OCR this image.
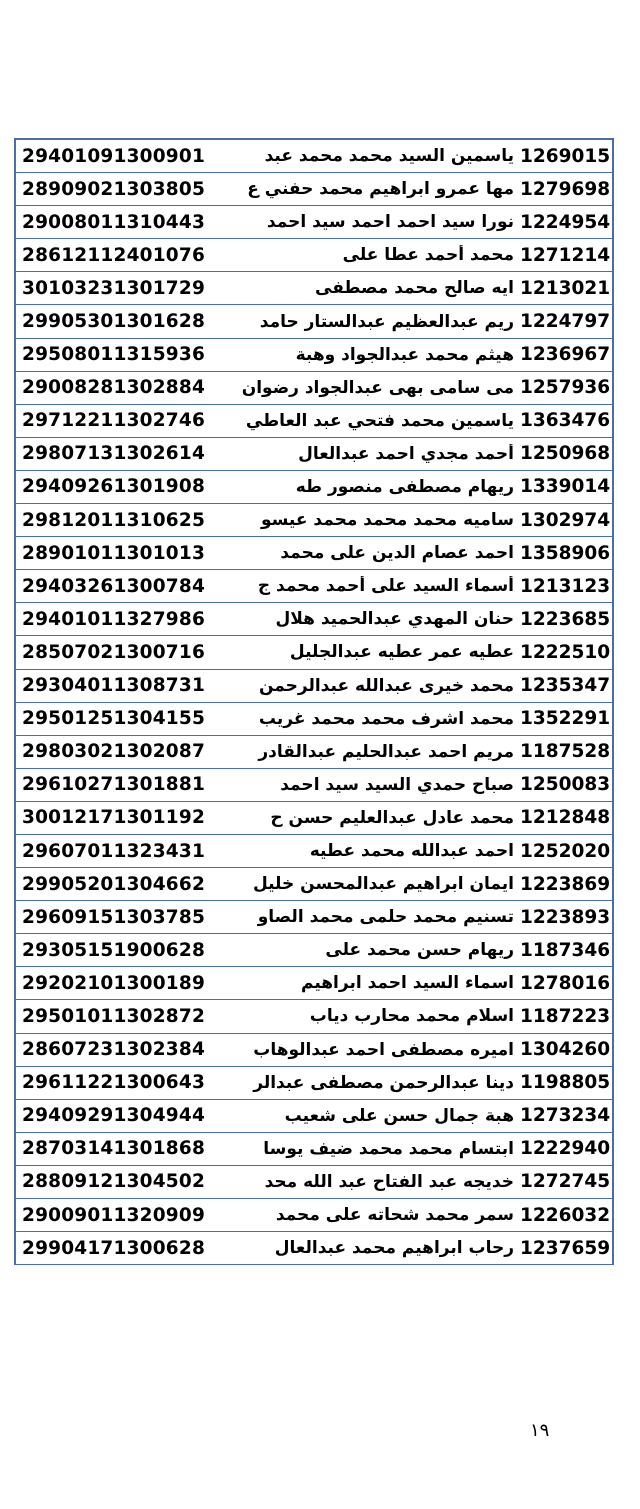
29401091300901	ياسمين السيد محمد محمد عبد 1269015
28909021303805	مها عمرو ابراهيم محمد حفني ع 1279698
29008011310443	نورا سيد احمد احمد سيد احمد 1224954
28612112401076	محمد أحمد عطا على 1271214
30103231301729	ايه صالح محمد مصطفى 1213021
29905301301628	ريم عبدالعظيم عبدالستار حامد 1224797
29508011315936	هيثم محمد عبدالجواد وهبة 1236967
29008281302884	مى سامى بهى عبدالجواد رضوان 1257936
29712211302746	ياسمين محمد فتحي عبد العاطي 1363476
29807131302614	أحمد مجدي احمد عبدالعال 1250968
29409261301908	ريهام مصطفى منصور طه 1339014
29812011310625	ساميه محمد محمد محمد عيسو 1302974
28901011301013	احمد عصام الدين على محمد 1358906
29403261300784	أسماء السيد على أحمد محمد ج 1213123
29401011327986	حنان المهدي عبدالحميد هلال 1223685
28507021300716	عطيه عمر عطيه عبدالجليل 1222510
29304011308731	محمد خيرى عبدالله عبدالرحمن 1235347
29501251304155	محمد اشرف محمد محمد غريب 1352291
29803021302087	مريم احمد عبدالحليم عبدالقادر 1187528
29610271301881	صباح حمدي السيد سيد احمد 1250083
30012171301192	محمد عادل عبدالعليم حسن ح 1212848
29607011323431	احمد عبدالله محمد عطيه 1252020
29905201304662	ايمان ابراهيم عبدالمحسن خليل 1223869
29609151303785	تسنيم محمد حلمى محمد الصاو 1223893
29305151900628	ريهام حسن محمد على 1187346
29202101300189	اسماء السيد احمد ابراهيم 1278016
29501011302872	اسلام محمد محارب دياب 1187223
28607231302384	اميره مصطفى احمد عبدالوهاب 1304260
29611221300643	دينا عبدالرحمن مصطفى عبدالر 1198805
29409291304944	هبة جمال حسن على شعيب 1273234
28703141301868	ابتسام محمد محمد ضيف يوسا 1222940
28809121304502	خديجه عبد الفتاح عبد الله محد 1272745
29009011320909	سمر محمد شحاته على محمد 1226032
29904171300628	رحاب ابراهيم محمد عبدالعال 1237659
١٩
